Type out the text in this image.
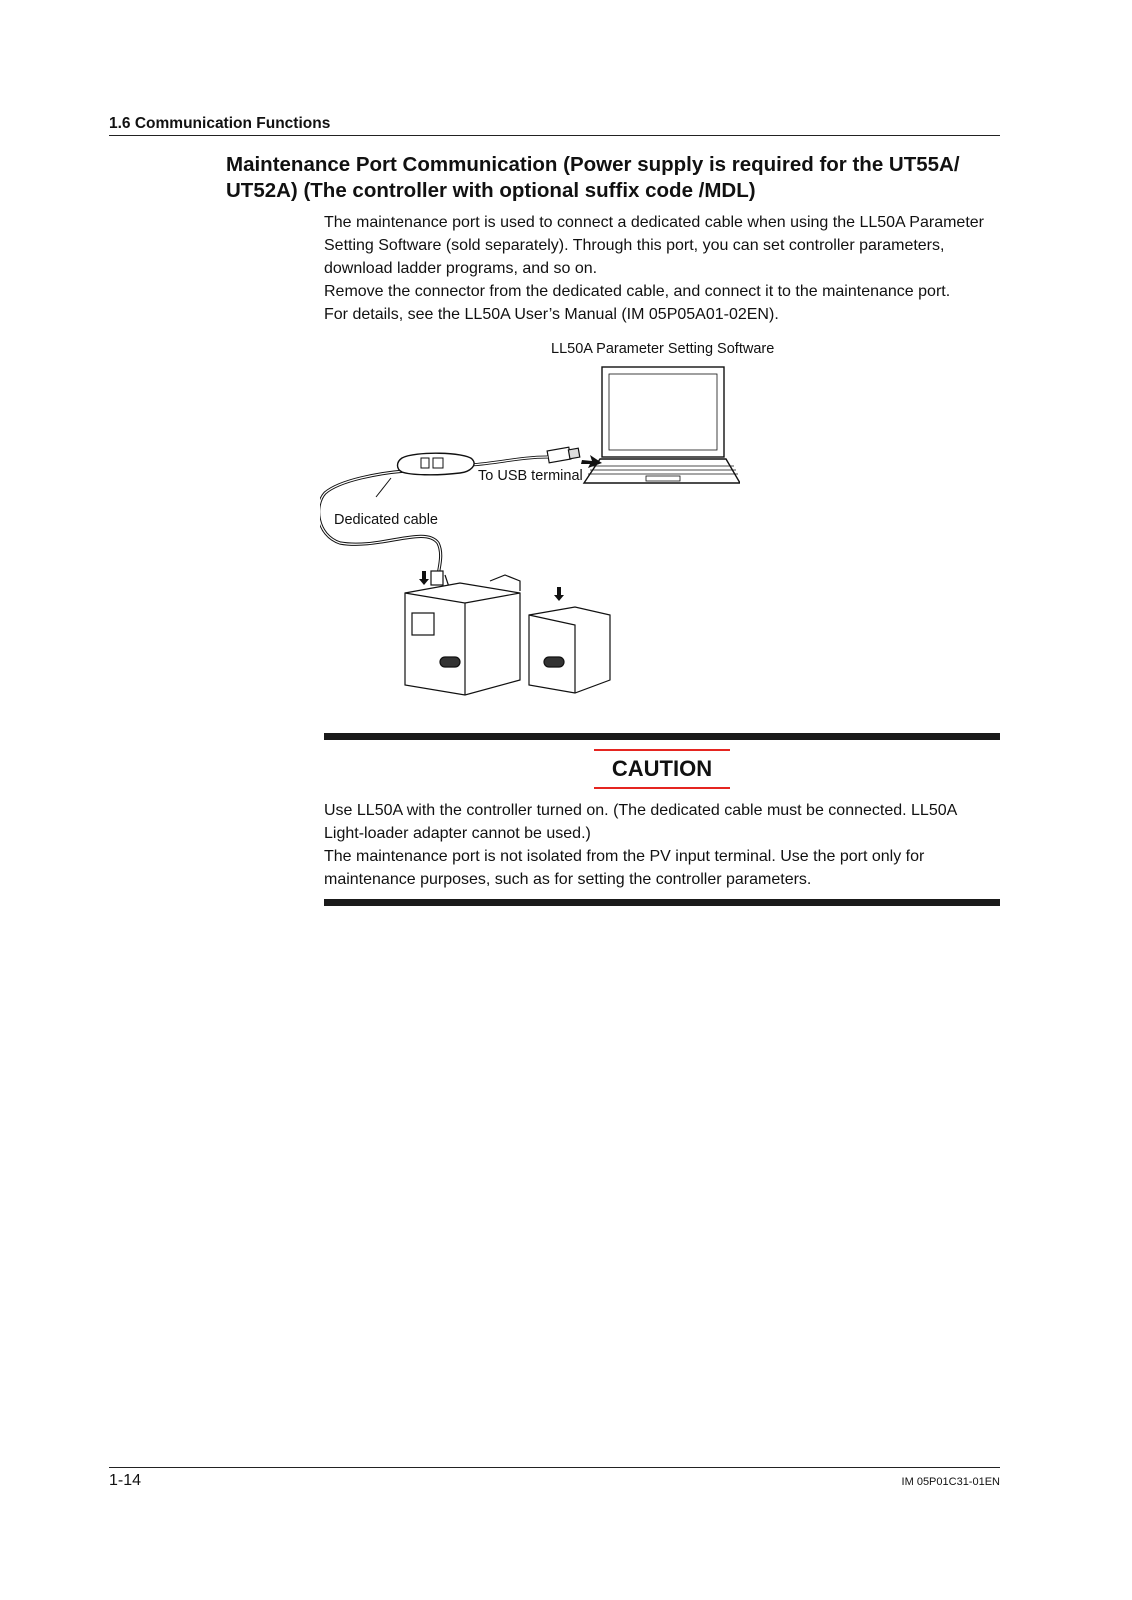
1.6 Communication Functions
Maintenance Port Communication (Power supply is required for the UT55A/ UT52A) (The controller with optional suffix code /MDL)

The maintenance port is used to connect a dedicated cable when using the LL50A Parameter Setting Software (sold separately). Through this port, you can set controller parameters, download ladder programs, and so on.

Remove the connector from the dedicated cable, and connect it to the maintenance port.

For details, see the LL50A User’s Manual (IM 05P05A01-02EN).

LL50A Parameter Setting Software
To USB terminal
Dedicated cable
CAUTION

Use LL50A with the controller turned on. (The dedicated cable must be connected. LL50A Light-loader adapter cannot be used.)

The maintenance port is not isolated from the PV input terminal. Use the port only for maintenance purposes, such as for setting the controller parameters.

1-14	IM 05P01C31-01EN
